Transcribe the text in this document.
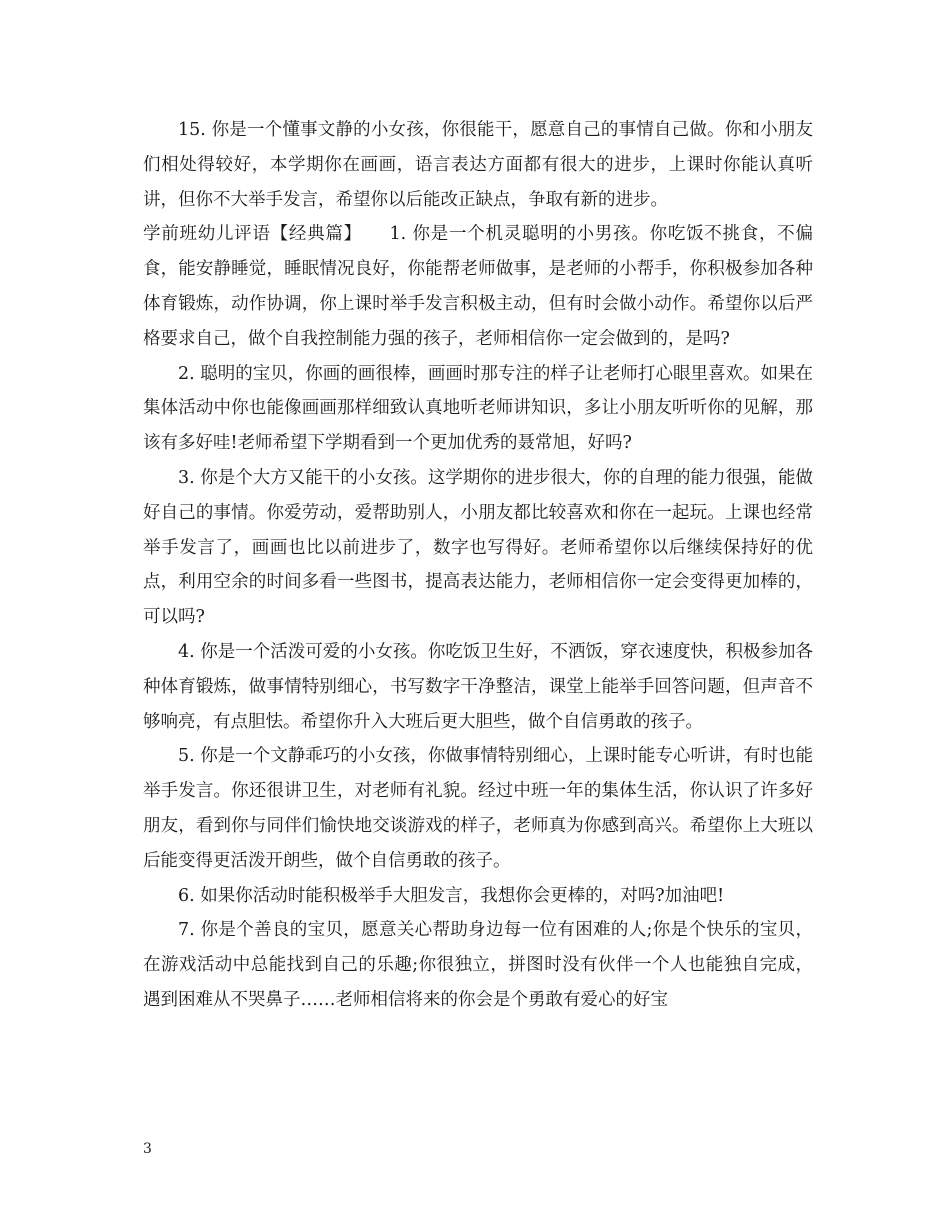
15. 你是一个懂事文静的小女孩，你很能干，愿意自己的事情自己做。你和小朋友们相处得较好，本学期你在画画，语言表达方面都有很大的进步，上课时你能认真听讲，但你不大举手发言，希望你以后能改正缺点，争取有新的进步。

学前班幼儿评语【经典篇】　　1. 你是一个机灵聪明的小男孩。你吃饭不挑食，不偏食，能安静睡觉，睡眠情况良好，你能帮老师做事，是老师的小帮手，你积极参加各种体育锻炼，动作协调，你上课时举手发言积极主动，但有时会做小动作。希望你以后严格要求自己，做个自我控制能力强的孩子，老师相信你一定会做到的，是吗?

2. 聪明的宝贝，你画的画很棒，画画时那专注的样子让老师打心眼里喜欢。如果在集体活动中你也能像画画那样细致认真地听老师讲知识，多让小朋友听听你的见解，那该有多好哇!老师希望下学期看到一个更加优秀的聂常旭，好吗?

3. 你是个大方又能干的小女孩。这学期你的进步很大，你的自理的能力很强，能做好自己的事情。你爱劳动，爱帮助别人，小朋友都比较喜欢和你在一起玩。上课也经常举手发言了，画画也比以前进步了，数字也写得好。老师希望你以后继续保持好的优点，利用空余的时间多看一些图书，提高表达能力，老师相信你一定会变得更加棒的，可以吗?

4. 你是一个活泼可爱的小女孩。你吃饭卫生好，不洒饭，穿衣速度快，积极参加各种体育锻炼，做事情特别细心，书写数字干净整洁，课堂上能举手回答问题，但声音不够响亮，有点胆怯。希望你升入大班后更大胆些，做个自信勇敢的孩子。

5. 你是一个文静乖巧的小女孩，你做事情特别细心，上课时能专心听讲，有时也能举手发言。你还很讲卫生，对老师有礼貌。经过中班一年的集体生活，你认识了许多好朋友，看到你与同伴们愉快地交谈游戏的样子，老师真为你感到高兴。希望你上大班以后能变得更活泼开朗些，做个自信勇敢的孩子。

6. 如果你活动时能积极举手大胆发言，我想你会更棒的，对吗?加油吧!

7. 你是个善良的宝贝，愿意关心帮助身边每一位有困难的人;你是个快乐的宝贝，在游戏活动中总能找到自己的乐趣;你很独立，拼图时没有伙伴一个人也能独自完成，遇到困难从不哭鼻子……老师相信将来的你会是个勇敢有爱心的好宝

3
